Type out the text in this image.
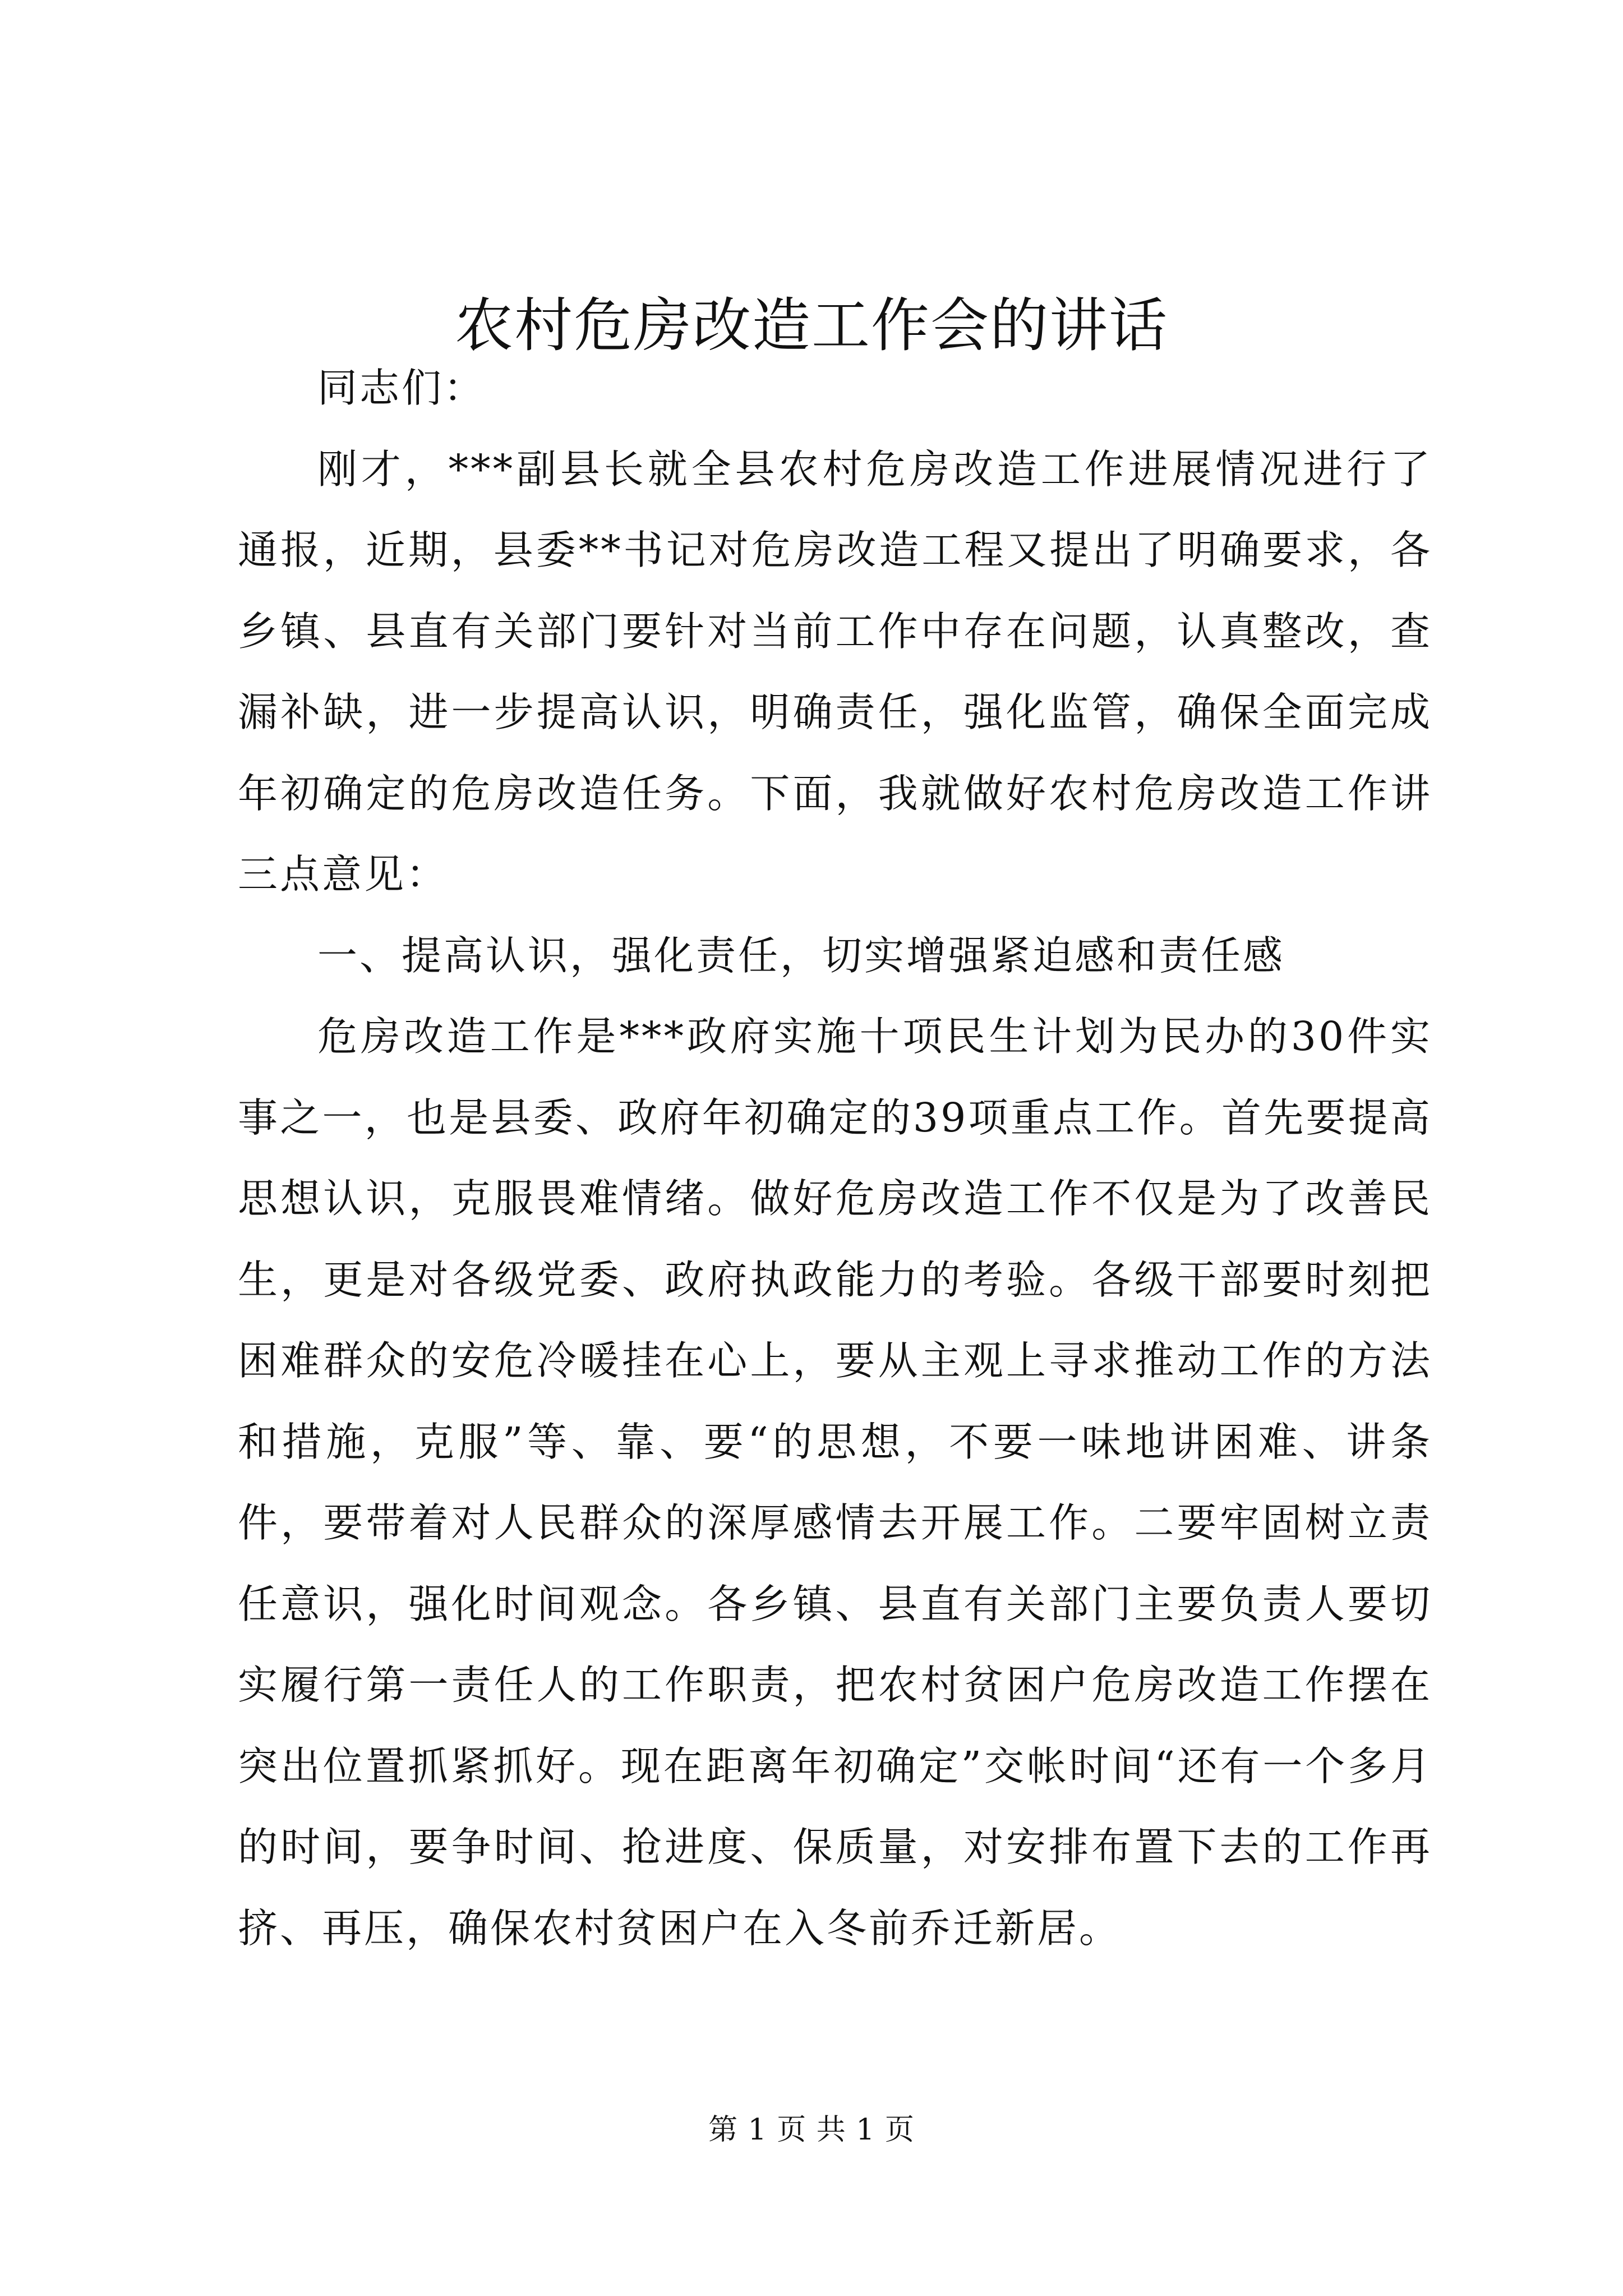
农村危房改造工作会的讲话

同志们：

刚才，***副县长就全县农村危房改造工作进展情况进行了通报，近期，县委**书记对危房改造工程又提出了明确要求，各乡镇、县直有关部门要针对当前工作中存在问题，认真整改，查漏补缺，进一步提高认识，明确责任，强化监管，确保全面完成年初确定的危房改造任务。下面，我就做好农村危房改造工作讲三点意见：

一、提高认识，强化责任，切实增强紧迫感和责任感

危房改造工作是***政府实施十项民生计划为民办的30件实事之一，也是县委、政府年初确定的39项重点工作。首先要提高思想认识，克服畏难情绪。做好危房改造工作不仅是为了改善民生，更是对各级党委、政府执政能力的考验。各级干部要时刻把困难群众的安危冷暖挂在心上，要从主观上寻求推动工作的方法和措施，克服”等、靠、要“的思想，不要一味地讲困难、讲条件，要带着对人民群众的深厚感情去开展工作。二要牢固树立责任意识，强化时间观念。各乡镇、县直有关部门主要负责人要切实履行第一责任人的工作职责，把农村贫困户危房改造工作摆在突出位置抓紧抓好。现在距离年初确定”交帐时间“还有一个多月的时间，要争时间、抢进度、保质量，对安排布置下去的工作再挤、再压，确保农村贫困户在入冬前乔迁新居。

第 1 页 共 1 页
